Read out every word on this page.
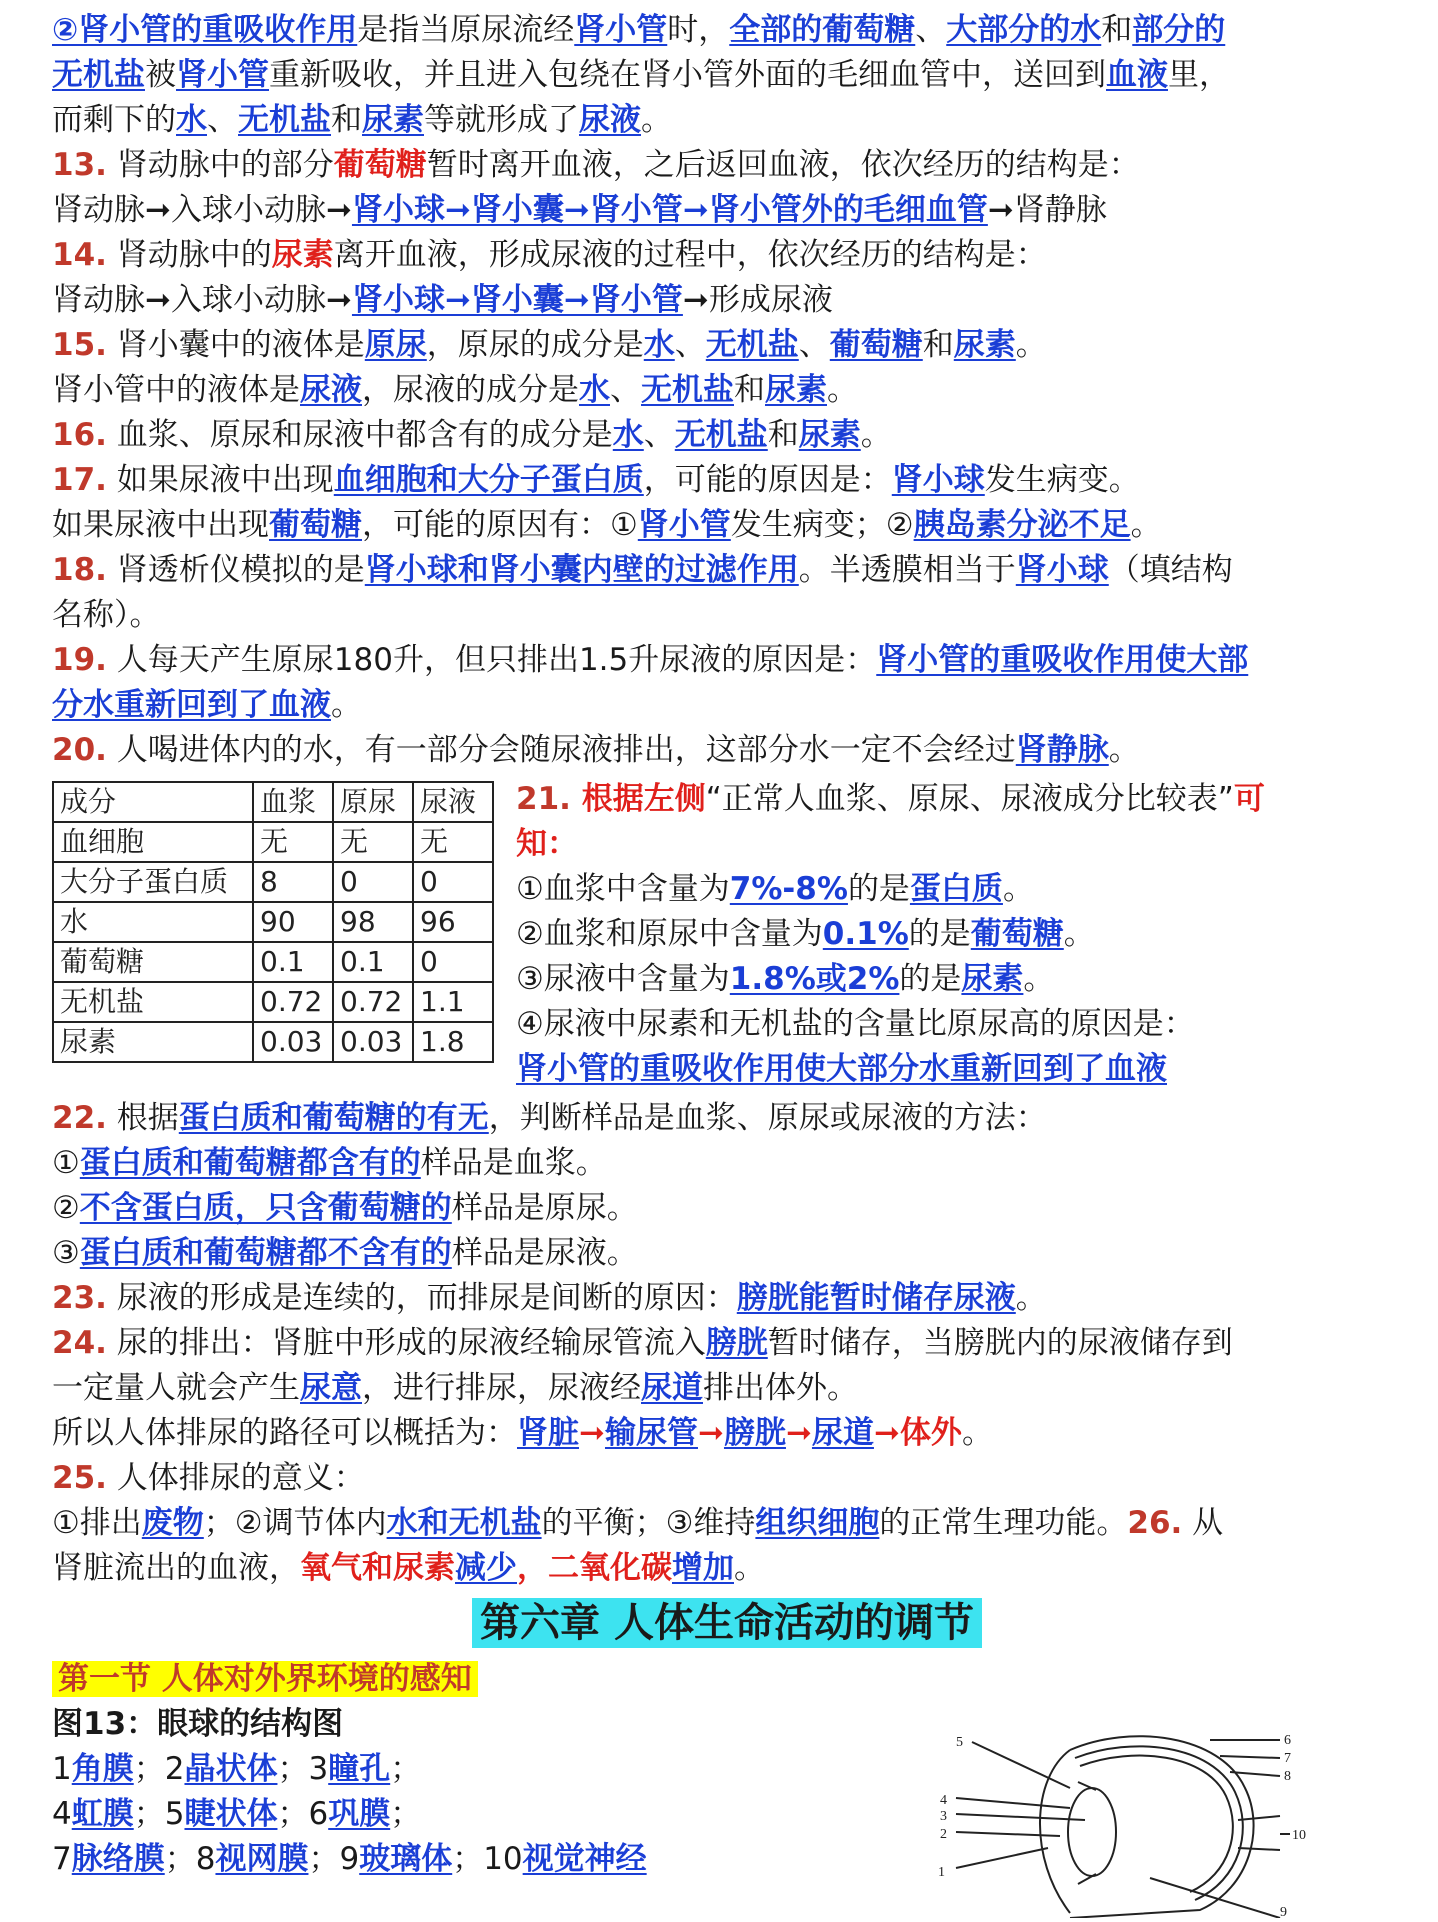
②肾小管的重吸收作用是指当原尿流经肾小管时，全部的葡萄糖、大部分的水和部分的
无机盐被肾小管重新吸收，并且进入包绕在肾小管外面的毛细血管中，送回到血液里，
而剩下的水、无机盐和尿素等就形成了尿液。
13. 肾动脉中的部分葡萄糖暂时离开血液，之后返回血液，依次经历的结构是：
肾动脉➞入球小动脉➞肾小球➞肾小囊➞肾小管➞肾小管外的毛细血管➞肾静脉
14. 肾动脉中的尿素离开血液，形成尿液的过程中，依次经历的结构是：
肾动脉➞入球小动脉➞肾小球➞肾小囊➞肾小管➞形成尿液
15. 肾小囊中的液体是原尿，原尿的成分是水、无机盐、葡萄糖和尿素。
肾小管中的液体是尿液，尿液的成分是水、无机盐和尿素。
16. 血浆、原尿和尿液中都含有的成分是水、无机盐和尿素。
17. 如果尿液中出现血细胞和大分子蛋白质，可能的原因是：肾小球发生病变。
如果尿液中出现葡萄糖，可能的原因有：①肾小管发生病变；②胰岛素分泌不足。
18. 肾透析仪模拟的是肾小球和肾小囊内壁的过滤作用。半透膜相当于肾小球（填结构
名称）。
19. 人每天产生原尿180升，但只排出1.5升尿液的原因是：肾小管的重吸收作用使大部
分水重新回到了血液。
20. 人喝进体内的水，有一部分会随尿液排出，这部分水一定不会经过肾静脉。
成分	血浆	原尿	尿液
血细胞	无	无	无
大分子蛋白质	8	0	0
水	90	98	96
葡萄糖	0.1	0.1	0
无机盐	0.72	0.72	1.1
尿素	0.03	0.03	1.8
21. 根据左侧“正常人血浆、原尿、尿液成分比较表”可
知：
①血浆中含量为7%-8%的是蛋白质。
②血浆和原尿中含量为0.1%的是葡萄糖。
③尿液中含量为1.8%或2%的是尿素。
④尿液中尿素和无机盐的含量比原尿高的原因是：
肾小管的重吸收作用使大部分水重新回到了血液
22. 根据蛋白质和葡萄糖的有无，判断样品是血浆、原尿或尿液的方法：
①蛋白质和葡萄糖都含有的样品是血浆。
②不含蛋白质，只含葡萄糖的样品是原尿。
③蛋白质和葡萄糖都不含有的样品是尿液。
23. 尿液的形成是连续的，而排尿是间断的原因：膀胱能暂时储存尿液。
24. 尿的排出：肾脏中形成的尿液经输尿管流入膀胱暂时储存，当膀胱内的尿液储存到
一定量人就会产生尿意，进行排尿，尿液经尿道排出体外。
所以人体排尿的路径可以概括为：肾脏➞输尿管➞膀胱➞尿道➞体外。
25. 人体排尿的意义：
①排出废物；②调节体内水和无机盐的平衡；③维持组织细胞的正常生理功能。26. 从
肾脏流出的血液，氧气和尿素减少，二氧化碳增加。
第六章 人体生命活动的调节
第一节 人体对外界环境的感知
图13：眼球的结构图
1角膜；2晶状体；3瞳孔；
4虹膜；5睫状体；6巩膜；
7脉络膜；8视网膜；9玻璃体；10视觉神经	1
2
3
4
5	6
7
8
9
10
